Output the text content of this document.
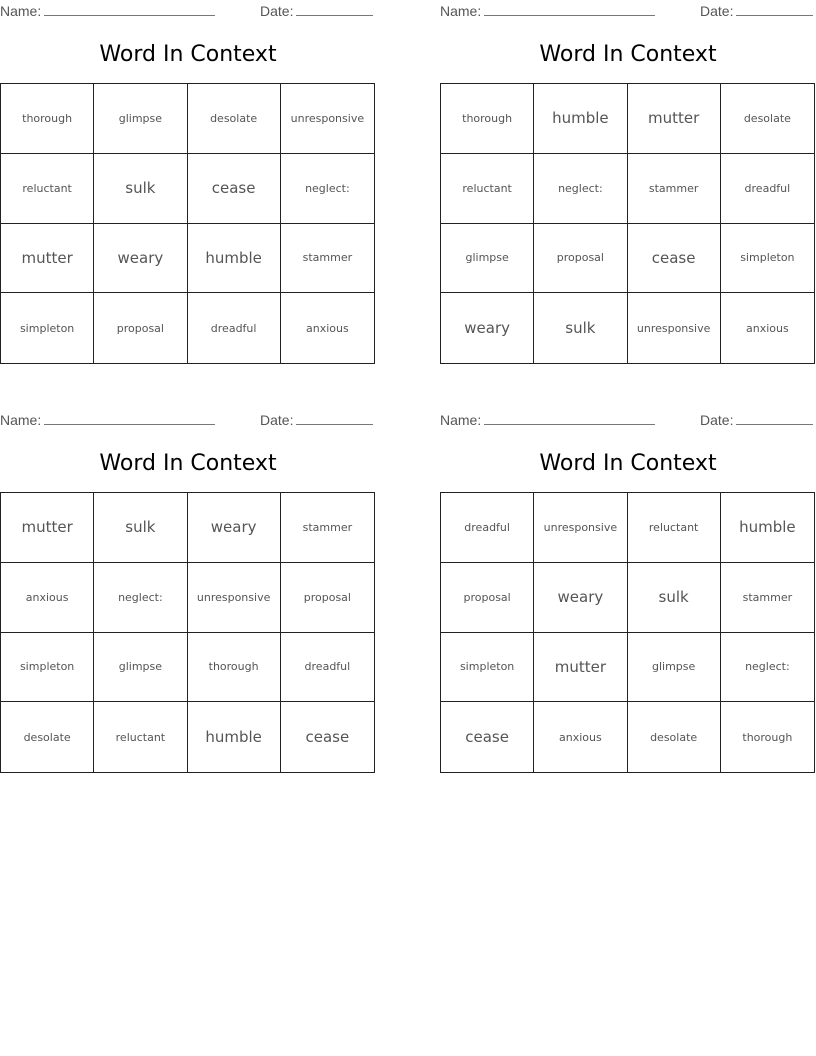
Name:	Date:
Word In Context
thorough	glimpse	desolate	unresponsive
reluctant	sulk	cease	neglect:
mutter	weary	humble	stammer
simpleton	proposal	dreadful	anxious
Name:	Date:
Word In Context
thorough	humble	mutter	desolate
reluctant	neglect:	stammer	dreadful
glimpse	proposal	cease	simpleton
weary	sulk	unresponsive	anxious
Name:	Date:
Word In Context
mutter	sulk	weary	stammer
anxious	neglect:	unresponsive	proposal
simpleton	glimpse	thorough	dreadful
desolate	reluctant	humble	cease
Name:	Date:
Word In Context
dreadful	unresponsive	reluctant	humble
proposal	weary	sulk	stammer
simpleton	mutter	glimpse	neglect:
cease	anxious	desolate	thorough
